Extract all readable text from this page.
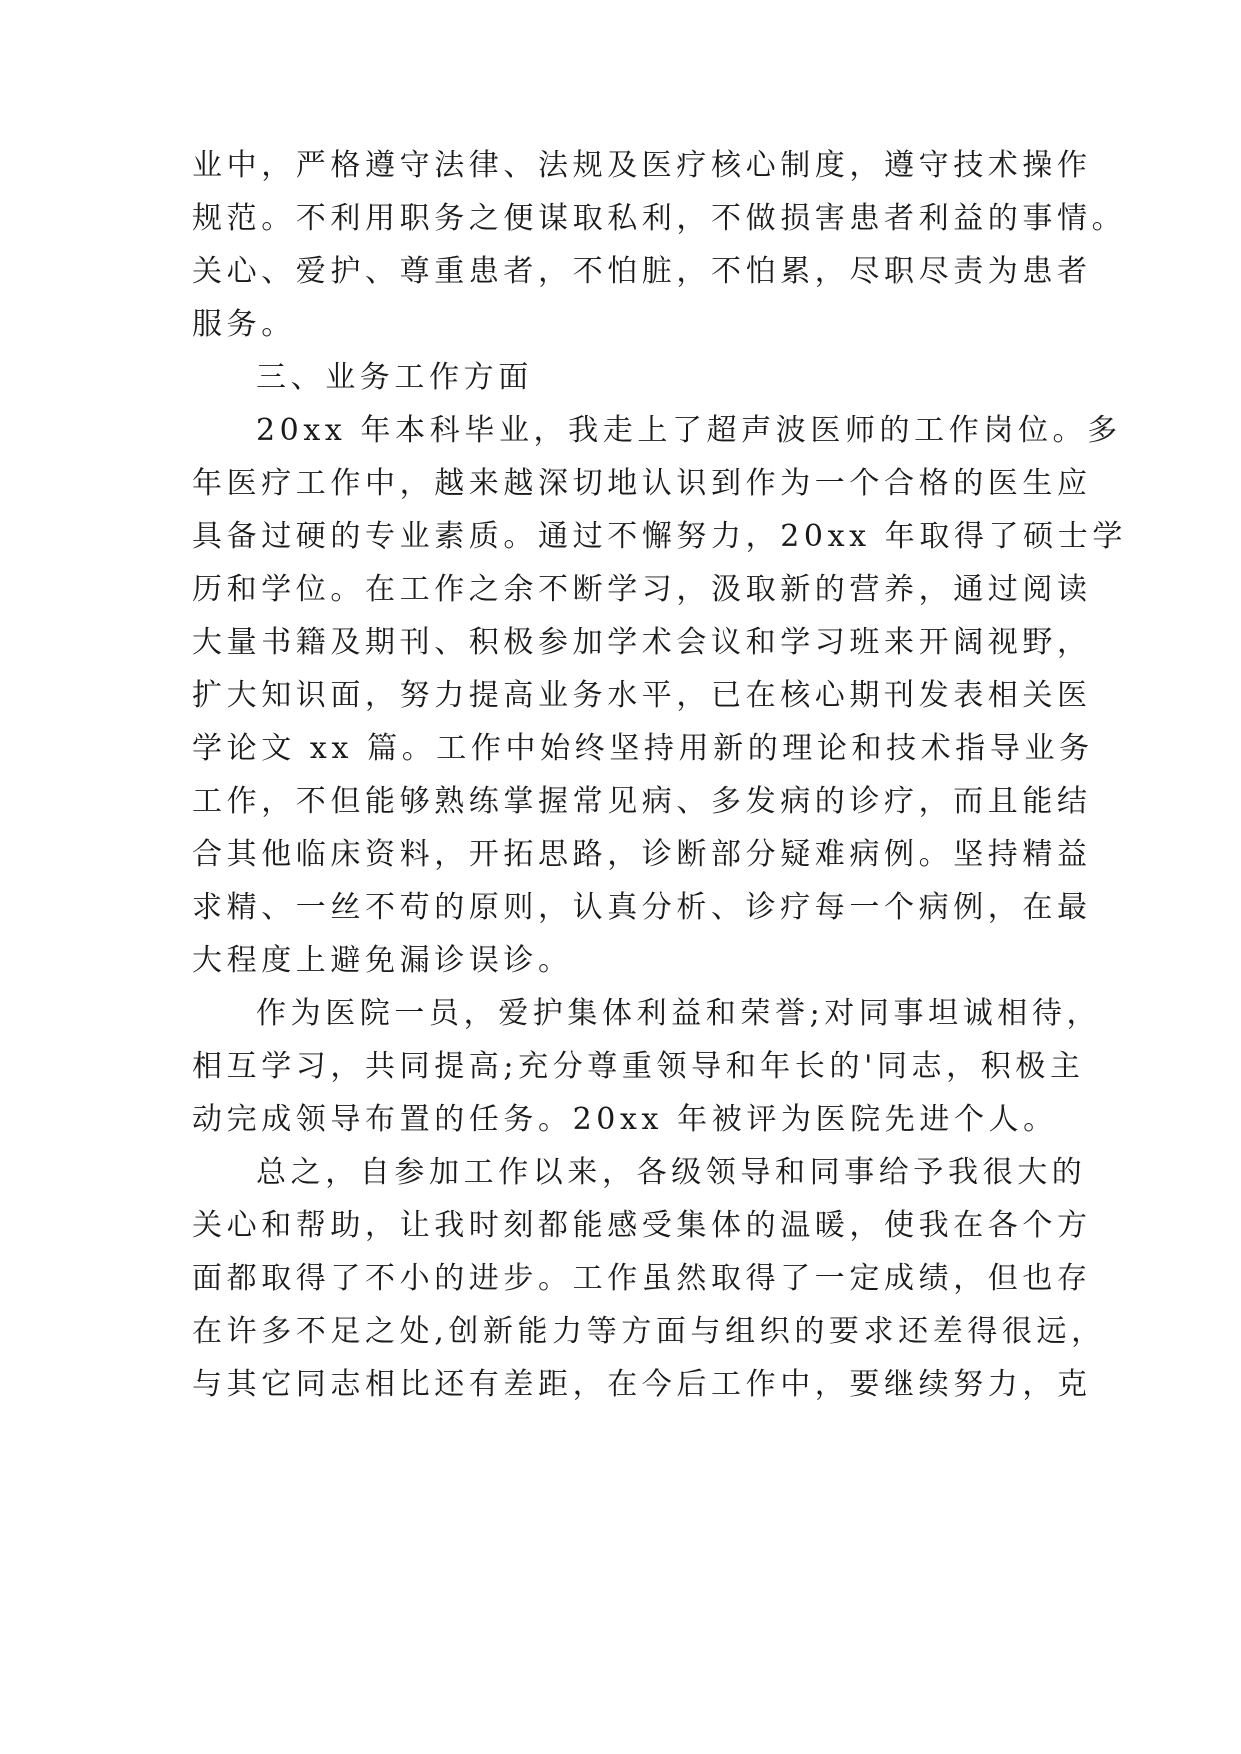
业中，严格遵守法律、法规及医疗核心制度，遵守技术操作
规范。不利用职务之便谋取私利，不做损害患者利益的事情。
关心、爱护、尊重患者，不怕脏，不怕累，尽职尽责为患者
服务。
三、业务工作方面
20xx 年本科毕业，我走上了超声波医师的工作岗位。多
年医疗工作中，越来越深切地认识到作为一个合格的医生应
具备过硬的专业素质。通过不懈努力，20xx 年取得了硕士学
历和学位。在工作之余不断学习，汲取新的营养，通过阅读
大量书籍及期刊、积极参加学术会议和学习班来开阔视野，
扩大知识面，努力提高业务水平，已在核心期刊发表相关医
学论文 xx 篇。工作中始终坚持用新的理论和技术指导业务
工作，不但能够熟练掌握常见病、多发病的诊疗，而且能结
合其他临床资料，开拓思路，诊断部分疑难病例。坚持精益
求精、一丝不苟的原则，认真分析、诊疗每一个病例，在最
大程度上避免漏诊误诊。
作为医院一员，爱护集体利益和荣誉;对同事坦诚相待，
相互学习，共同提高;充分尊重领导和年长的'同志，积极主
动完成领导布置的任务。20xx 年被评为医院先进个人。
总之，自参加工作以来，各级领导和同事给予我很大的
关心和帮助，让我时刻都能感受集体的温暖，使我在各个方
面都取得了不小的进步。工作虽然取得了一定成绩，但也存
在许多不足之处,创新能力等方面与组织的要求还差得很远，
与其它同志相比还有差距，在今后工作中，要继续努力，克
